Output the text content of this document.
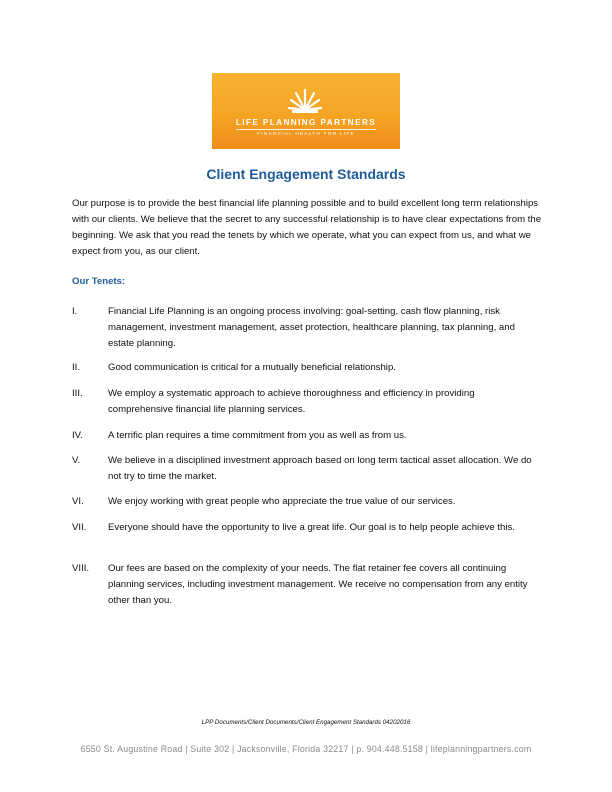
LIFE PLANNING PARTNERS
FINANCIAL HEALTH FOR LIFE
Client Engagement Standards
Our purpose is to provide the best financial life planning possible and to build excellent long term relationships with our clients. We believe that the secret to any successful relationship is to have clear expectations from the beginning. We ask that you read the tenets by which we operate, what you can expect from us, and what we expect from you, as our client.
Our Tenets:
I.	Financial Life Planning is an ongoing process involving: goal-setting, cash flow planning, risk management, investment management, asset protection, healthcare planning, tax planning, and estate planning.
II.	Good communication is critical for a mutually beneficial relationship.
III.	We employ a systematic approach to achieve thoroughness and efficiency in providing comprehensive financial life planning services.
IV.	A terrific plan requires a time commitment from you as well as from us.
V.	We believe in a disciplined investment approach based on long term tactical asset allocation. We do not try to time the market.
VI.	We enjoy working with great people who appreciate the true value of our services.
VII.	Everyone should have the opportunity to live a great life. Our goal is to help people achieve this.
VIII.	Our fees are based on the complexity of your needs. The flat retainer fee covers all continuing planning services, including investment management. We receive no compensation from any entity other than you.
LPP Documents/Client Documents/Client Engagement Standards 04202016
6550 St. Augustine Road | Suite 302 | Jacksonville, Florida 32217 | p. 904.448.5158 | lifeplanningpartners.com
